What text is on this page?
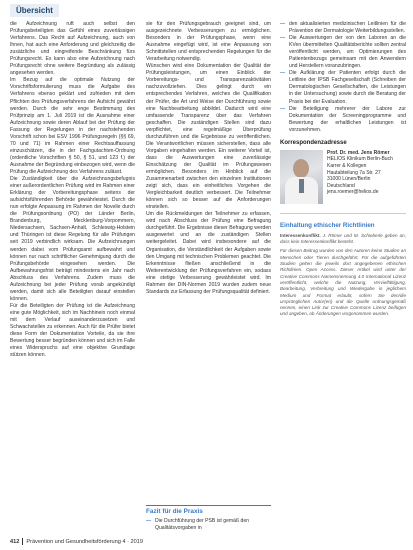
Übersicht

die Aufzeichnung ruft auch selbst den Prüfungsbeteiligten das Gefühl eines zuverlässigen Verfahrens. Das Recht auf Aufzeichnung, auch von Ihnen, hat auch eine Anforderung und gleichzeitig die zusätzliche und eingreifende Beschränkung fürs Prüfungsrecht. Es kann also eine Aufzeichnung nach Prüfungsrecht ohne weitere Begründung als zulässig angesehen werden.

Im Bezug auf die optimale Nutzung der Vorschriftsformulierung muss die Aufgabe des Verfahrens ebenso geklärt und zufrieden mit dem Pflichten des Prüfungsverfahrens der Aufsicht gewährt werden. Durch die sehr enge Bestimmung des Prüfprinzip am 1. Juli 2019 ist die Ausnahme einer Aufzeichnung sowie deren Ablauf bei der Prüfung der Fassung der Regelungen in der nachstehenden Vorschrift schon bei ESV 1996 Prüfungsregeln (§§ 69, 70 und 71) im Rahmen einer Rechtsauffassung einzuschätzen, die in der Fachgutachten-Ordnung (ordentliche Vorschriften § 50, § 51, und 123 f.) der Ausnahme der Begründung einbezogen wird, wenn die Prüfung die Aufzeichnung des Verfahrens zulässt.

Die Zuständigkeit über die Aufzeichnungsbefugnis einer außerordentlichen Prüfung wird im Rahmen einer Erklärung der Vorbereitungsphase seitens der aufsichtsführenden Behörde gewährleistet. Durch die nun erfolgte Anpassung im Rahmen der Novelle durch die Prüfungsordnung (PO) der Länder Berlin, Brandenburg, Mecklenburg-Vorpommern, Niedersachsen, Sachsen-Anhalt, Schleswig-Holstein und Thüringen ist diese Regelung für alle Prüfungen seit 2019 verbindlich wirksam. Die Aufzeichnungen werden dabei vom Prüfungsamt aufbewahrt und können nur nach schriftlicher Genehmigung durch die Prüfungsbehörde eingesehen werden. Die Aufbewahrungsfrist beträgt mindestens ein Jahr nach Abschluss des Verfahrens. Zudem muss die Aufzeichnung bei jeder Prüfung vorab angekündigt werden, damit sich alle Beteiligten darauf einstellen können.

Für die Beteiligten der Prüfung ist die Aufzeichnung eine gute Möglichkeit, sich im Nachhinein noch einmal mit dem Verlauf auseinanderzusetzen und Schwachstellen zu erkennen. Auch für die Prüfer bietet diese Form der Dokumentation Vorteile, da sie ihre Bewertung besser begründen können und sich im Falle eines Widerspruchs auf eine objektive Grundlage stützen können.

sie für den Prüfungsgebrauch geeignet sind, um ausgezeichnete Verbesserungen zu ermöglichen. Besonders in der Prüfungsphase, wenn eine Ausnahme eingefügt wird, ist eine Anpassung von Schnittstellen und entsprechenden Regelungen für die Verarbeitung notwendig.

Wünschen wird eine Dokumentation der Qualität der Prüfungsleistungen, um einen Einblick der Vorbereitungs- und Transparenzaktivitäten nachzuvollziehen. Dies gelingt durch ein entsprechendes Verfahren, welches die Qualifikation der Prüfer, die Art und Weise der Durchführung sowie eine Nachbearbeitung abbildet. Dadurch wird eine umfassende Transparenz über das Verfahren geschaffen. Die zuständigen Stellen sind dazu verpflichtet, eine regelmäßige Überprüfung durchzuführen und die Ergebnisse zu veröffentlichen. Die Verantwortlichen müssen sicherstellen, dass alle Vorgaben eingehalten werden. Ein weiterer Vorteil ist, dass die Auswertungen eine zuverlässige Einschätzung der Qualität im Prüfungswesen ermöglichen. Besonders im Hinblick auf die Zusammenarbeit zwischen den einzelnen Institutionen zeigt sich, dass ein einheitliches Vorgehen die Vergleichbarkeit deutlich verbessert. Die Teilnehmer können sich so besser auf die Anforderungen einstellen.

Um die Rückmeldungen der Teilnehmer zu erfassen, wird nach Abschluss der Prüfung eine Befragung durchgeführt. Die Ergebnisse dieser Befragung werden ausgewertet und an die zuständigen Stellen weitergeleitet. Dabei wird insbesondere auf die Organisation, die Verständlichkeit der Aufgaben sowie den Umgang mit technischen Problemen geachtet. Die Erkenntnisse fließen anschließend in die Weiterentwicklung der Prüfungsverfahren ein, sodass eine stetige Verbesserung gewährleistet wird. Im Rahmen der DIN-Normen 2019 wurden zudem neue Standards zur Erfassung der Prüfungsqualität definiert.

Fazit für die Praxis
— Die Durchführung der PSB ist gemäß den Qualitätsvorgaben in
— den aktualisierten medizinischen Leitlinien für die Prävention der Dermatologie Weiterbildungsstellen.
— Die Auswertungen der von den Laboren an die KVen übermittelten Qualitätsberichte sollten zentral veröffentlicht werden, um Optimierungen des Patientenbezugs gemeinsam mit den Anwendern und Herstellern voranzubringen.
— Die Aufklärung der Patienten erfolgt durch die Leitlinie der IPSB Fachgesellschaft (Schreiben der Dermatologischen Gesellschaften, die Leistungen in der Untersuchung) sowie durch die Beratung der Praxis bei der Evaluation.
— Die Beteiligung mehrerer der Labore zur Dokumentation der Screeningprogramme und Bewertung der erhaltlichen Leistungen ist vorzunehmen.
Korrespondenzadresse
Prof. Dr. med. Jens Römer
HELIOS Klinikum Berlin-Buch
Karrer & Kollegen
Hautabteilung 7a Str. 27
31000 Lünen/Berlin
Deutschland
jens.roemer@helios.de
Einhaltung ethischer Richtlinien
Interessenkonflikt. J. Römer und M. Schieberle geben an, dass kein Interessenkonflikt besteht.
Für diesen Beitrag wurden von den Autoren keine Studien an Menschen oder Tieren durchgeführt. Für die aufgeführten Studien gelten die jeweils dort angegebenen ethischen Richtlinien. Open Access. Dieser Artikel wird unter der Creative Commons Namensnennung 4.0 International Lizenz veröffentlicht, welche die Nutzung, Vervielfältigung, Bearbeitung, Verbreitung und Wiedergabe in jeglichem Medium und Format erlaubt, sofern Sie den/die ursprünglichen Autor(en) und die Quelle ordnungsgemäß nennen, einen Link zur Creative Commons Lizenz beifügen und angeben, ob Änderungen vorgenommen wurden.
412 Prävention und Gesundheitsförderung 4 · 2019
